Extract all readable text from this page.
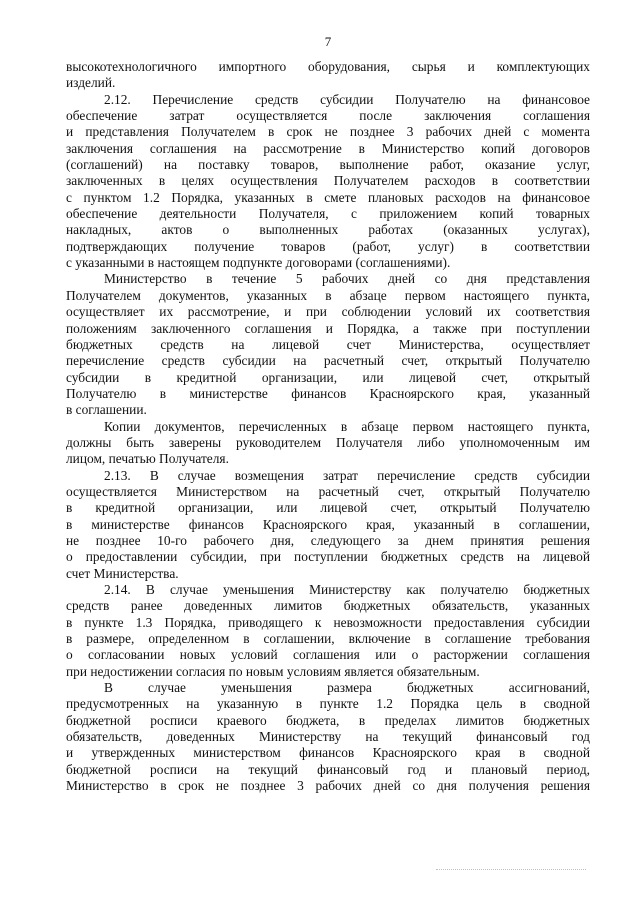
7
высокотехнологичного импортного оборудования, сырья и комплектующих
изделий.
2.12. Перечисление средств субсидии Получателю на финансовое
обеспечение затрат осуществляется после заключения соглашения
и представления Получателем в срок не позднее 3 рабочих дней с момента
заключения соглашения на рассмотрение в Министерство копий договоров
(соглашений) на поставку товаров, выполнение работ, оказание услуг,
заключенных в целях осуществления Получателем расходов в соответствии
с пунктом 1.2 Порядка, указанных в смете плановых расходов на финансовое
обеспечение деятельности Получателя, с приложением копий товарных
накладных, актов о выполненных работах (оказанных услугах),
подтверждающих получение товаров (работ, услуг) в соответствии
с указанными в настоящем подпункте договорами (соглашениями).
Министерство в течение 5 рабочих дней со дня представления
Получателем документов, указанных в абзаце первом настоящего пункта,
осуществляет их рассмотрение, и при соблюдении условий их соответствия
положениям заключенного соглашения и Порядка, а также при поступлении
бюджетных средств на лицевой счет Министерства, осуществляет
перечисление средств субсидии на расчетный счет, открытый Получателю
субсидии в кредитной организации, или лицевой счет, открытый
Получателю в министерстве финансов Красноярского края, указанный
в соглашении.
Копии документов, перечисленных в абзаце первом настоящего пункта,
должны быть заверены руководителем Получателя либо уполномоченным им
лицом, печатью Получателя.
2.13. В случае возмещения затрат перечисление средств субсидии
осуществляется Министерством на расчетный счет, открытый Получателю
в кредитной организации, или лицевой счет, открытый Получателю
в министерстве финансов Красноярского края, указанный в соглашении,
не позднее 10-го рабочего дня, следующего за днем принятия решения
о предоставлении субсидии, при поступлении бюджетных средств на лицевой
счет Министерства.
2.14. В случае уменьшения Министерству как получателю бюджетных
средств ранее доведенных лимитов бюджетных обязательств, указанных
в пункте 1.3 Порядка, приводящего к невозможности предоставления субсидии
в размере, определенном в соглашении, включение в соглашение требования
о согласовании новых условий соглашения или о расторжении соглашения
при недостижении согласия по новым условиям является обязательным.
В случае уменьшения размера бюджетных ассигнований,
предусмотренных на указанную в пункте 1.2 Порядка цель в сводной
бюджетной росписи краевого бюджета, в пределах лимитов бюджетных
обязательств, доведенных Министерству на текущий финансовый год
и утвержденных министерством финансов Красноярского края в сводной
бюджетной росписи на текущий финансовый год и плановый период,
Министерство в срок не позднее 3 рабочих дней со дня получения решения
